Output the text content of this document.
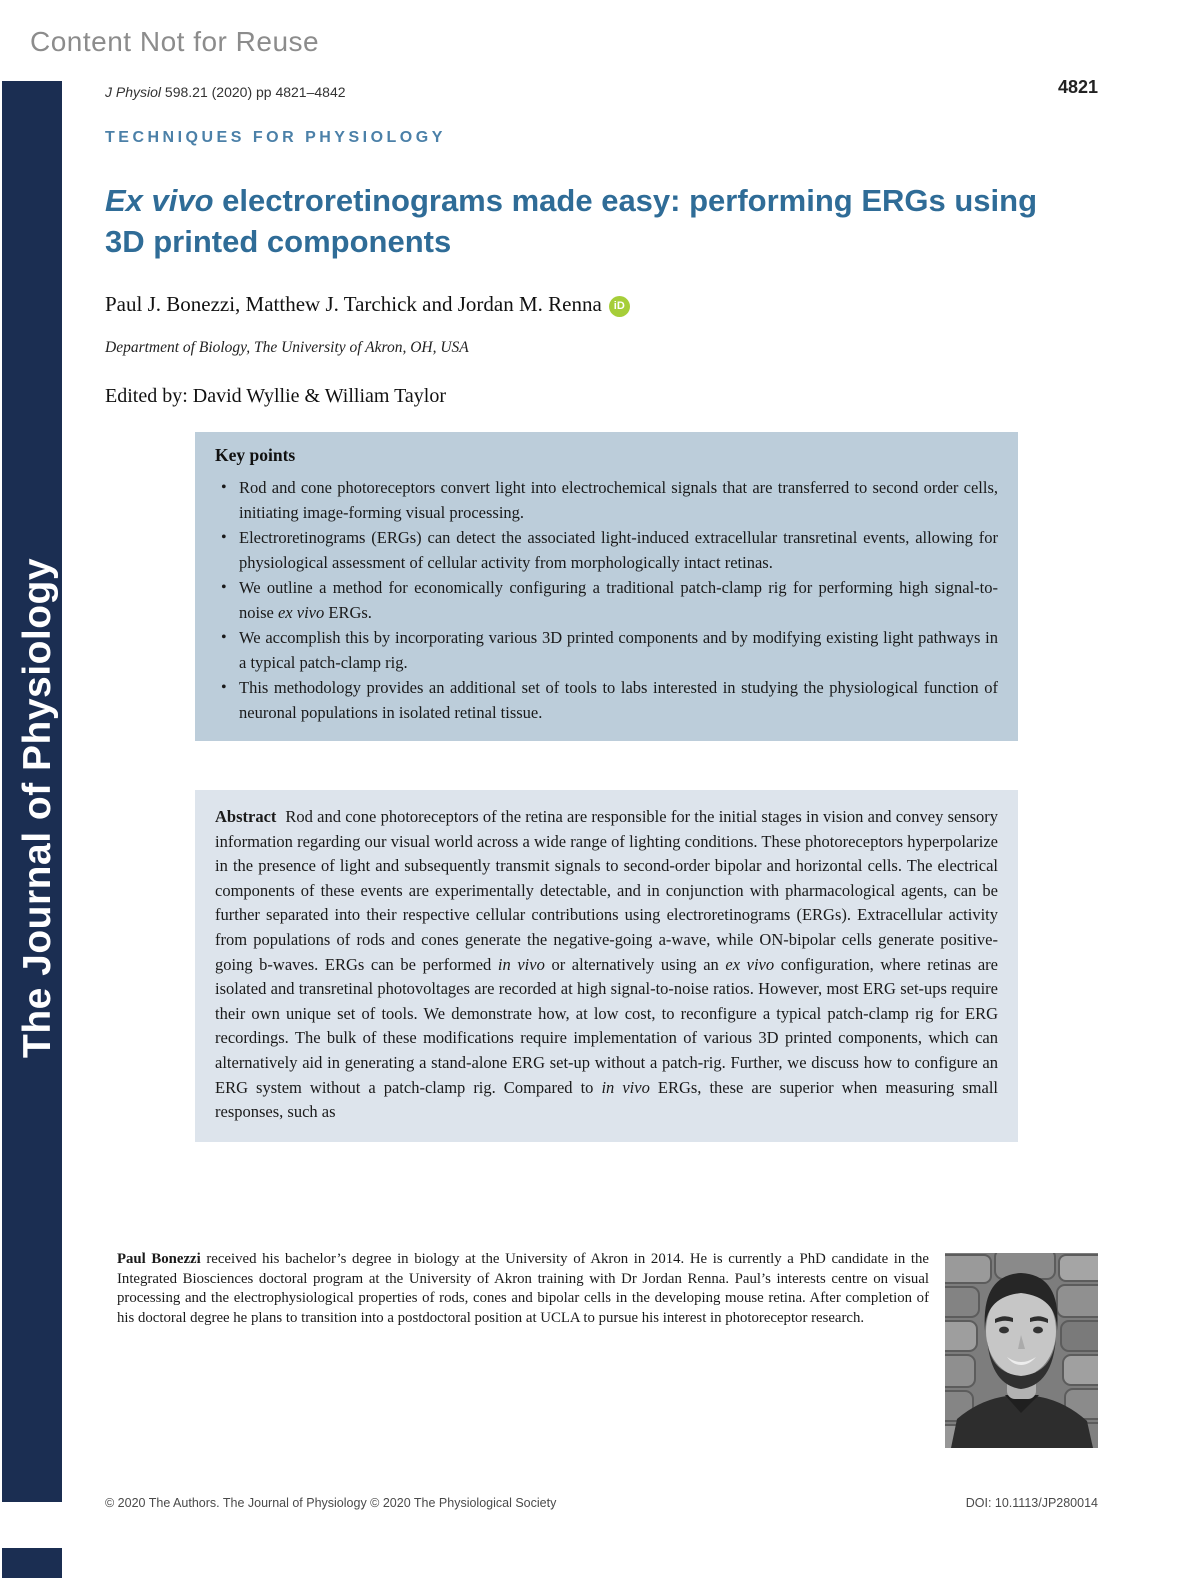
Content Not for Reuse
The Journal of Physiology
J Physiol 598.21 (2020) pp 4821–4842	4821
TECHNIQUES FOR PHYSIOLOGY
Ex vivo electroretinograms made easy: performing ERGs using 3D printed components
Paul J. Bonezzi, Matthew J. Tarchick and Jordan M. Renna iD
Department of Biology, The University of Akron, OH, USA
Edited by: David Wyllie & William Taylor
Key points
• Rod and cone photoreceptors convert light into electrochemical signals that are transferred to second order cells, initiating image-forming visual processing.
• Electroretinograms (ERGs) can detect the associated light-induced extracellular transretinal events, allowing for physiological assessment of cellular activity from morphologically intact retinas.
• We outline a method for economically configuring a traditional patch-clamp rig for performing high signal-to-noise ex vivo ERGs.
• We accomplish this by incorporating various 3D printed components and by modifying existing light pathways in a typical patch-clamp rig.
• This methodology provides an additional set of tools to labs interested in studying the physiological function of neuronal populations in isolated retinal tissue.
Abstract Rod and cone photoreceptors of the retina are responsible for the initial stages in vision and convey sensory information regarding our visual world across a wide range of lighting conditions. These photoreceptors hyperpolarize in the presence of light and subsequently transmit signals to second-order bipolar and horizontal cells. The electrical components of these events are experimentally detectable, and in conjunction with pharmacological agents, can be further separated into their respective cellular contributions using electroretinograms (ERGs). Extracellular activity from populations of rods and cones generate the negative-going a-wave, while ON-bipolar cells generate positive-going b-waves. ERGs can be performed in vivo or alternatively using an ex vivo configuration, where retinas are isolated and transretinal photovoltages are recorded at high signal-to-noise ratios. However, most ERG set-ups require their own unique set of tools. We demonstrate how, at low cost, to reconfigure a typical patch-clamp rig for ERG recordings. The bulk of these modifications require implementation of various 3D printed components, which can alternatively aid in generating a stand-alone ERG set-up without a patch-rig. Further, we discuss how to configure an ERG system without a patch-clamp rig. Compared to in vivo ERGs, these are superior when measuring small responses, such as
Paul Bonezzi received his bachelor’s degree in biology at the University of Akron in 2014. He is currently a PhD candidate in the Integrated Biosciences doctoral program at the University of Akron training with Dr Jordan Renna. Paul’s interests centre on visual processing and the electrophysiological properties of rods, cones and bipolar cells in the developing mouse retina. After completion of his doctoral degree he plans to transition into a postdoctoral position at UCLA to pursue his interest in photoreceptor research.
© 2020 The Authors. The Journal of Physiology © 2020 The Physiological Society	DOI: 10.1113/JP280014
